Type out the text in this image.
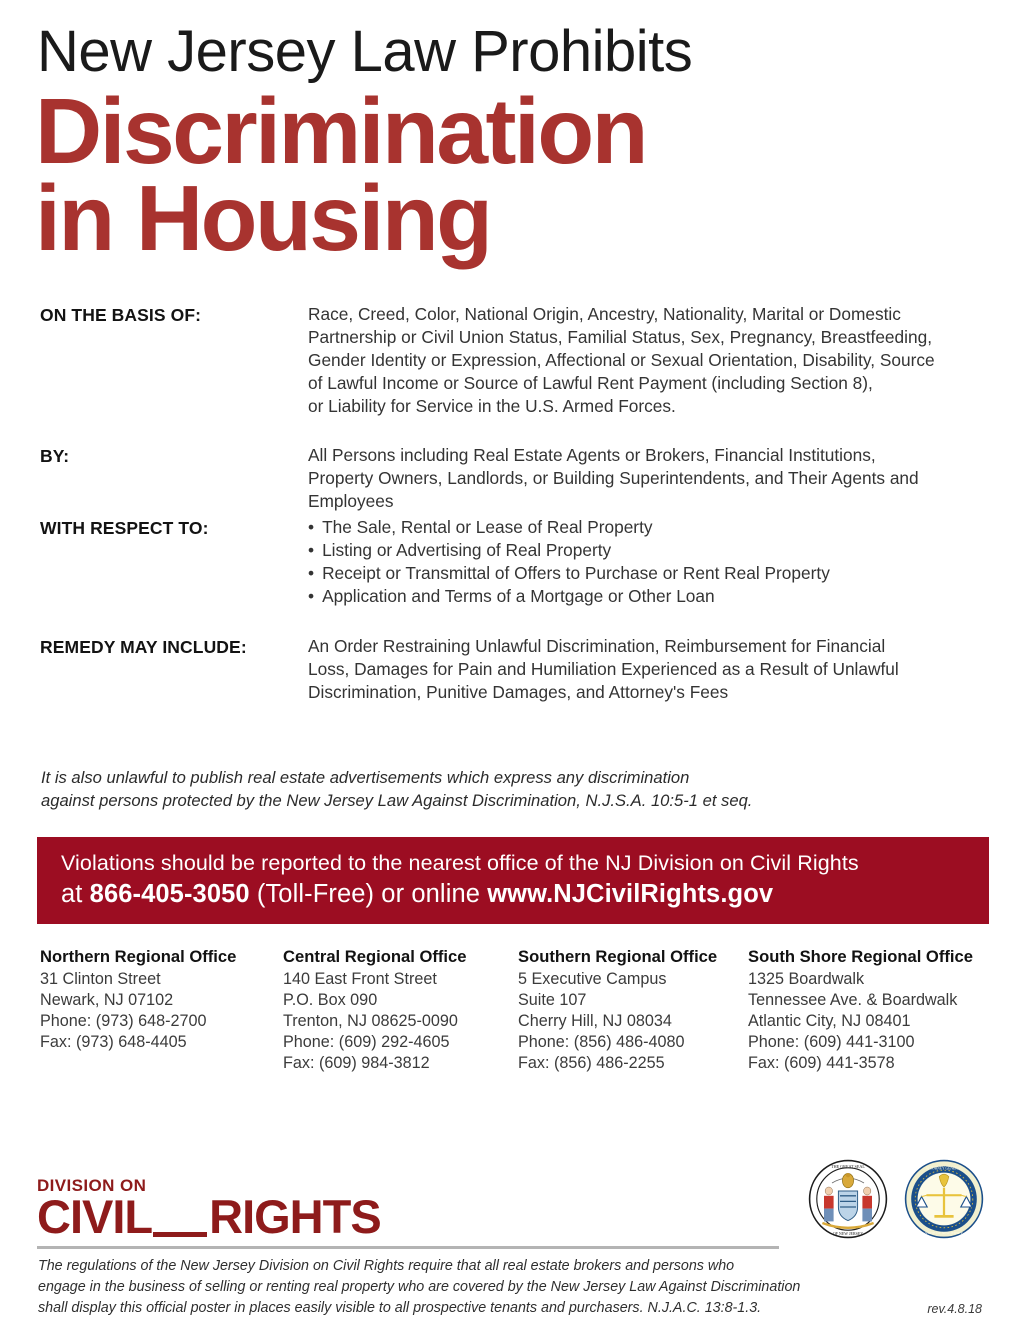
New Jersey Law Prohibits
Discrimination
in Housing
ON THE BASIS OF:	Race, Creed, Color, National Origin, Ancestry, Nationality, Marital or Domestic
Partnership or Civil Union Status, Familial Status, Sex, Pregnancy, Breastfeeding,
Gender Identity or Expression, Affectional or Sexual Orientation, Disability, Source
of Lawful Income or Source of Lawful Rent Payment (including Section 8),
or Liability for Service in the U.S. Armed Forces.
BY:	All Persons including Real Estate Agents or Brokers, Financial Institutions,
Property Owners, Landlords, or Building Superintendents, and Their Agents and
Employees
WITH RESPECT TO:	• The Sale, Rental or Lease of Real Property
• Listing or Advertising of Real Property
• Receipt or Transmittal of Offers to Purchase or Rent Real Property
• Application and Terms of a Mortgage or Other Loan
REMEDY MAY INCLUDE:	An Order Restraining Unlawful Discrimination, Reimbursement for Financial
Loss, Damages for Pain and Humiliation Experienced as a Result of Unlawful
Discrimination, Punitive Damages, and Attorney's Fees
It is also unlawful to publish real estate advertisements which express any discrimination
against persons protected by the New Jersey Law Against Discrimination, N.J.S.A. 10:5-1 et seq.
Violations should be reported to the nearest office of the NJ Division on Civil Rights
at 866-405-3050 (Toll-Free) or online www.NJCivilRights.gov
Northern Regional Office
31 Clinton Street
Newark, NJ 07102
Phone: (973) 648-2700
Fax: (973) 648-4405
Central Regional Office
140 East Front Street
P.O. Box 090
Trenton, NJ 08625-0090
Phone: (609) 292-4605
Fax: (609) 984-3812
Southern Regional Office
5 Executive Campus
Suite 107
Cherry Hill, NJ 08034
Phone: (856) 486-4080
Fax: (856) 486-2255
South Shore Regional Office
1325 Boardwalk
Tennessee Ave. & Boardwalk
Atlantic City, NJ 08401
Phone: (609) 441-3100
Fax: (609) 441-3578
DIVISION ON
CIVIL RIGHTS
THE GREAT SEAL
OF NEW JERSEY
ATTORNEY GENERAL
STATE OF NEW JERSEY
The regulations of the New Jersey Division on Civil Rights require that all real estate brokers and persons who
engage in the business of selling or renting real property who are covered by the New Jersey Law Against Discrimination
shall display this official poster in places easily visible to all prospective tenants and purchasers. N.J.A.C. 13:8-1.3.	rev.4.8.18
